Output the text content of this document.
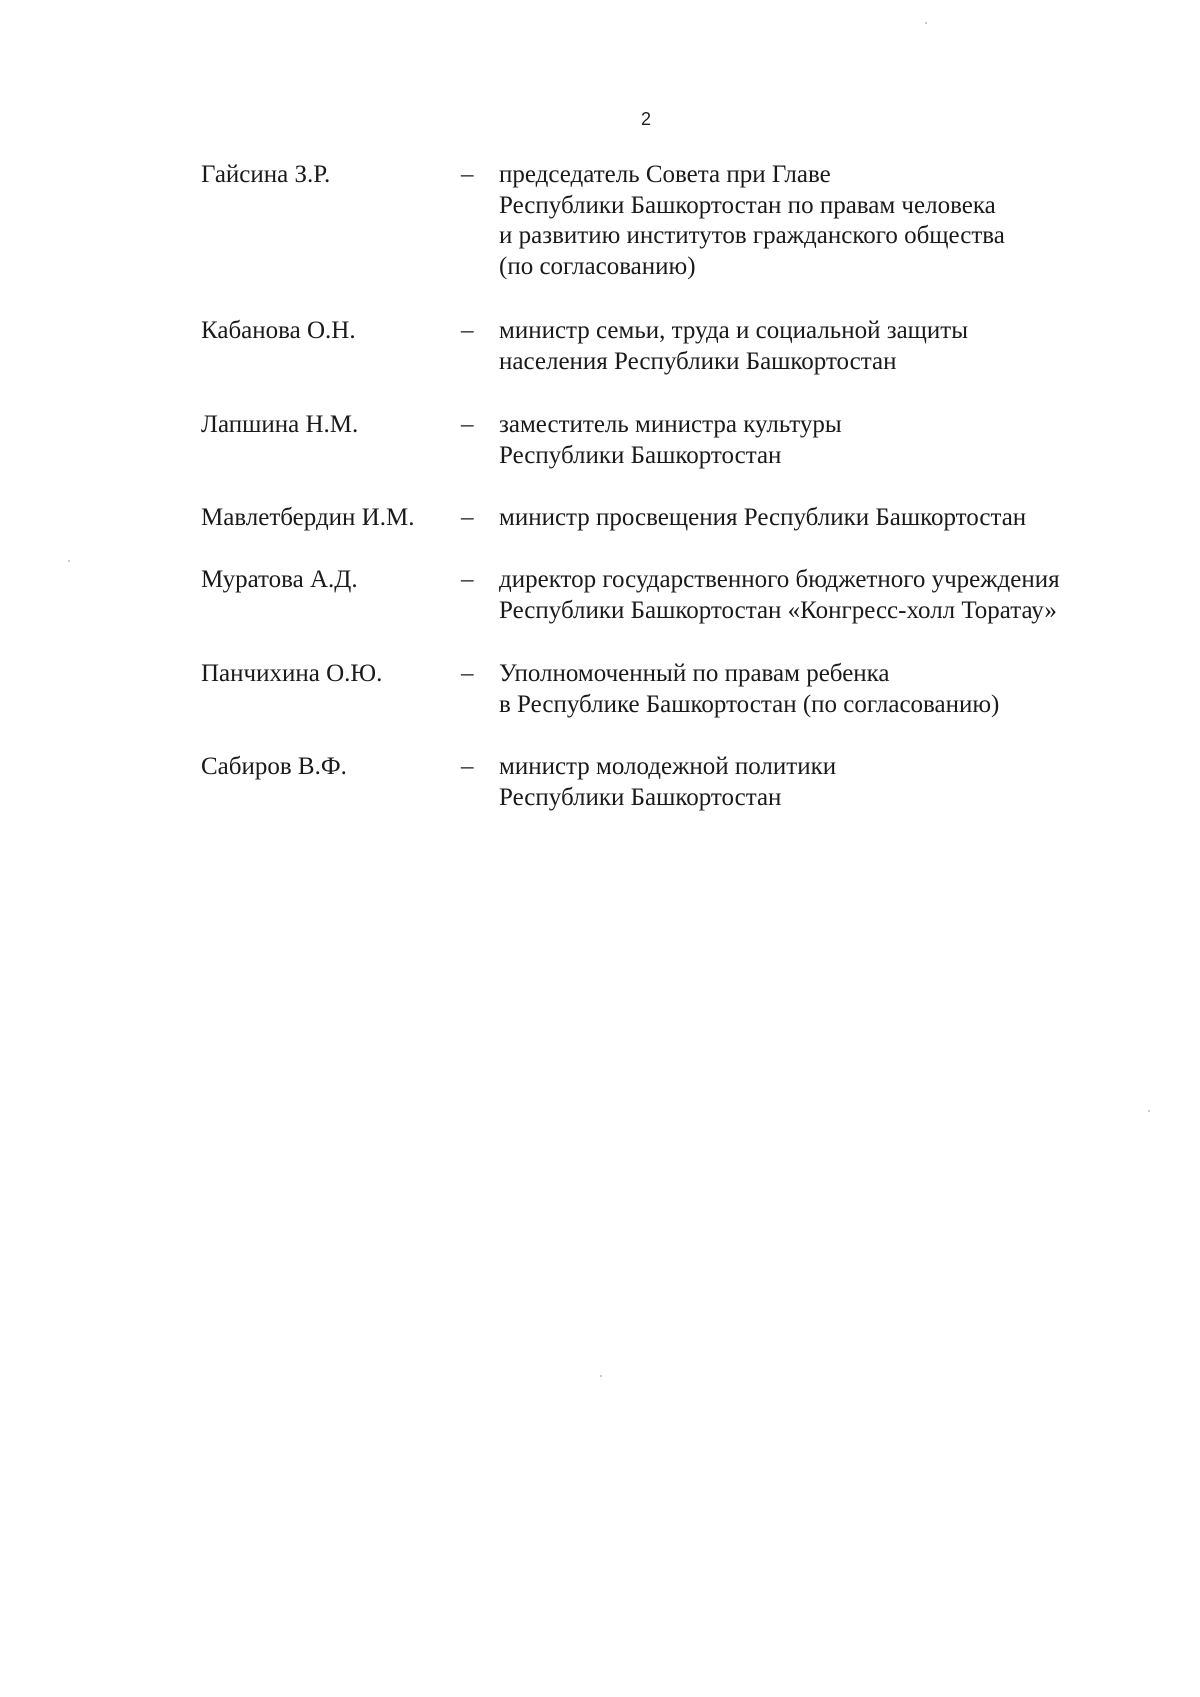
2
Гайсина З.Р.	– председатель Совета при Главе
Республики Башкортостан по правам человека
и развитию институтов гражданского общества
(по согласованию)
Кабанова О.Н.	– министр семьи, труда и социальной защиты
населения Республики Башкортостан
Лапшина Н.М.	– заместитель министра культуры
Республики Башкортостан
Мавлетбердин И.М. – министр просвещения Республики Башкортостан
Муратова А.Д.	– директор государственного бюджетного учреждения
Республики Башкортостан «Конгресс-холл Торатау»
Панчихина О.Ю.	– Уполномоченный по правам ребенка
в Республике Башкортостан (по согласованию)
Сабиров В.Ф.	– министр молодежной политики
Республики Башкортостан
